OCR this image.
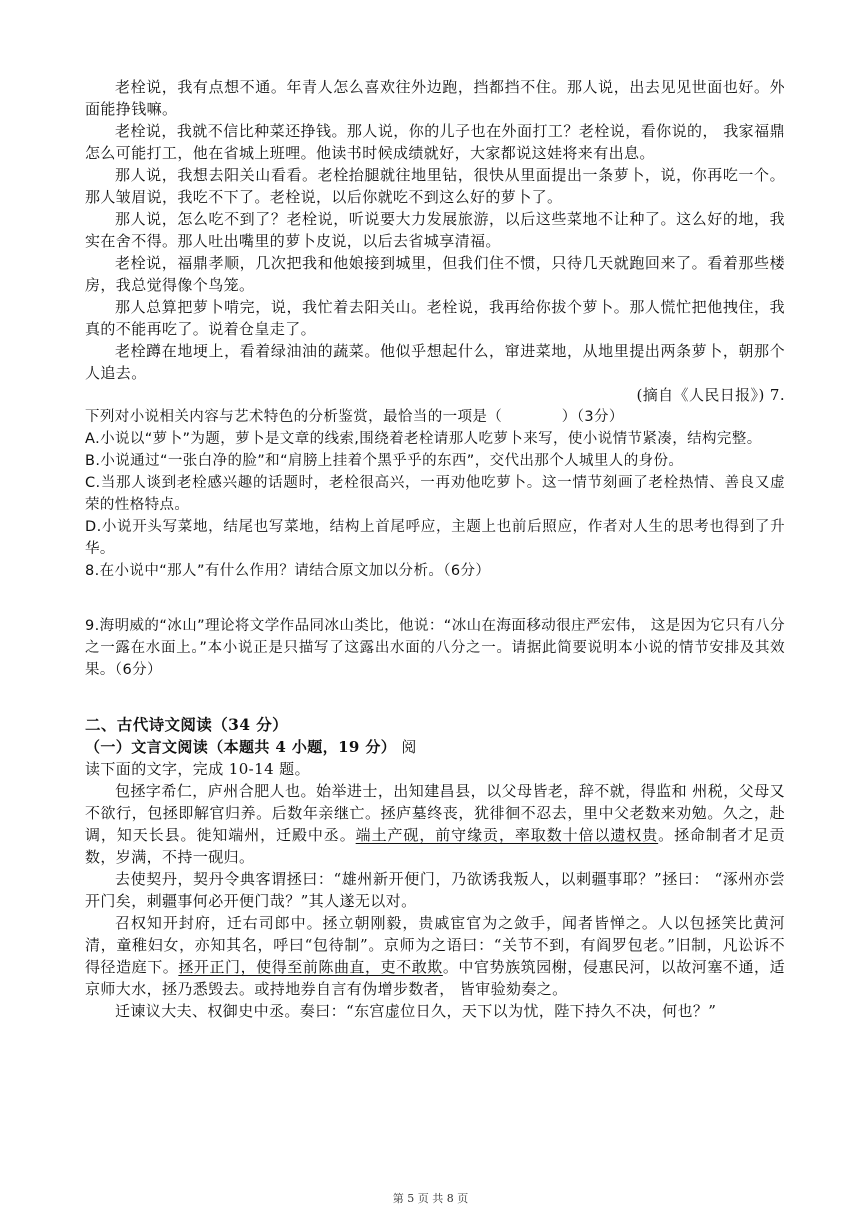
老栓说，我有点想不通。年青人怎么喜欢往外边跑，挡都挡不住。那人说，出去见见世面也好。外面能挣钱嘛。

老栓说，我就不信比种菜还挣钱。那人说，你的儿子也在外面打工？老栓说，看你说的， 我家福鼎怎么可能打工，他在省城上班哩。他读书时候成绩就好，大家都说这娃将来有出息。

那人说，我想去阳关山看看。老栓抬腿就往地里钻，很快从里面提出一条萝卜，说，你再吃一个。那人皱眉说，我吃不下了。老栓说，以后你就吃不到这么好的萝卜了。

那人说，怎么吃不到了？老栓说，听说要大力发展旅游，以后这些菜地不让种了。这么好的地，我实在舍不得。那人吐出嘴里的萝卜皮说，以后去省城享清福。

老栓说，福鼎孝顺，几次把我和他娘接到城里，但我们住不惯，只待几天就跑回来了。看着那些楼房，我总觉得像个鸟笼。

那人总算把萝卜啃完，说，我忙着去阳关山。老栓说，我再给你拔个萝卜。那人慌忙把他拽住，我真的不能再吃了。说着仓皇走了。

老栓蹲在地埂上，看着绿油油的蔬菜。他似乎想起什么，窜进菜地，从地里提出两条萝卜，朝那个人追去。

(摘自《人民日报》) 7.

下列对小说相关内容与艺术特色的分析鉴赏，最恰当的一项是（　　　　）（3分）

A.小说以“萝卜”为题，萝卜是文章的线索,围绕着老栓请那人吃萝卜来写，使小说情节紧凑，结构完整。

B.小说通过“一张白净的脸”和“肩膀上挂着个黑乎乎的东西”，交代出那个人城里人的身份。

C.当那人谈到老栓感兴趣的话题时，老栓很高兴，一再劝他吃萝卜。这一情节刻画了老栓热情、善良又虚荣的性格特点。

D.小说开头写菜地，结尾也写菜地，结构上首尾呼应，主题上也前后照应，作者对人生的思考也得到了升华。

8.在小说中“那人”有什么作用？请结合原文加以分析。（6分）

9.海明威的“冰山”理论将文学作品同冰山类比，他说：“冰山在海面移动很庄严宏伟， 这是因为它只有八分之一露在水面上。”本小说正是只描写了这露出水面的八分之一。请据此简要说明本小说的情节安排及其效果。（6分）

二、古代诗文阅读（34 分）

（一）文言文阅读（本题共 4 小题，19 分） 阅

读下面的文字，完成 10-14 题。

包拯字希仁，庐州合肥人也。始举进士，出知建昌县，以父母皆老，辞不就，得监和 州税，父母又不欲行，包拯即解官归养。后数年亲继亡。拯庐墓终丧，犹徘徊不忍去，里中父老数来劝勉。久之，赴调，知天长县。徙知端州，迁殿中丞。端土产砚，前守缘贡，率取数十倍以遗权贵。拯命制者才足贡数，岁满，不持一砚归。

去使契丹，契丹令典客谓拯曰：“雄州新开便门，乃欲诱我叛人，以刺疆事耶？”拯曰： “涿州亦尝开门矣，刺疆事何必开便门哉？”其人遂无以对。

召权知开封府，迁右司郎中。拯立朝刚毅，贵戚宦官为之敛手，闻者皆惮之。人以包拯笑比黄河清，童稚妇女，亦知其名，呼曰“包待制”。京师为之语曰：“关节不到，有阎罗包老。”旧制，凡讼诉不得径造庭下。拯开正门，使得至前陈曲直，吏不敢欺。中官势族筑园榭，侵惠民河，以故河塞不通，适京师大水，拯乃悉毁去。或持地券自言有伪增步数者， 皆审验劾奏之。

迁谏议大夫、权御史中丞。奏曰：“东宫虚位日久，天下以为忧，陛下持久不决，何也？”

第 5 页 共 8 页
